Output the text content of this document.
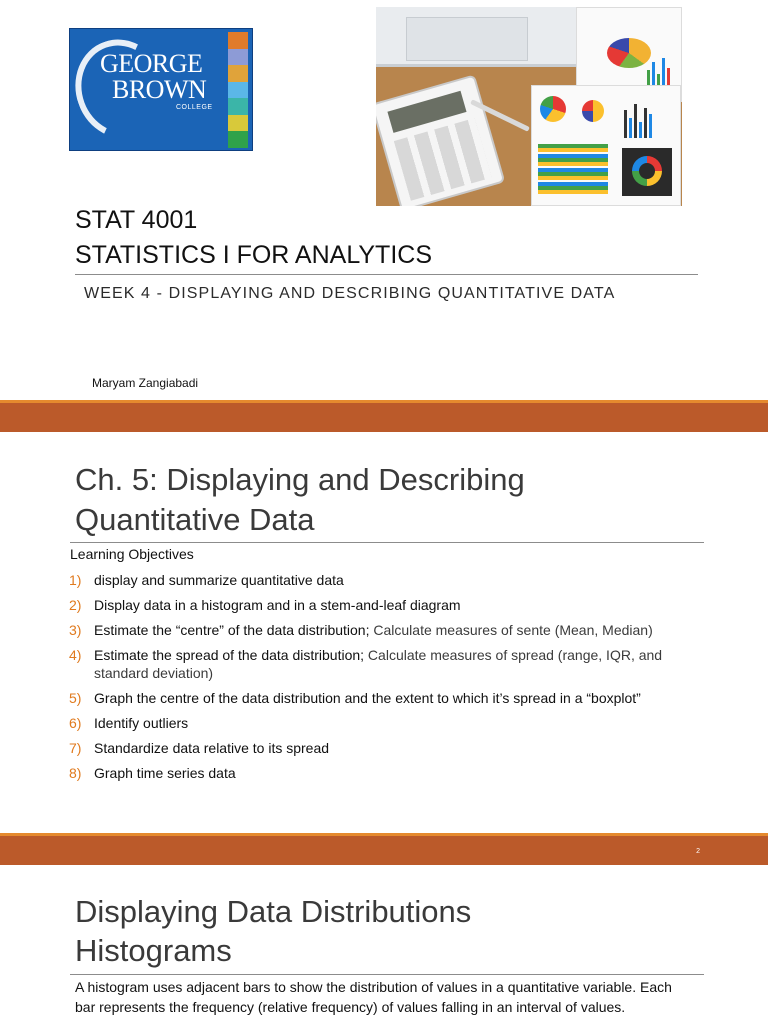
GEORGE
BROWN
COLLEGE
STAT 4001
STATISTICS I FOR ANALYTICS
WEEK 4 - DISPLAYING AND DESCRIBING QUANTITATIVE DATA
Maryam Zangiabadi
Ch. 5: Displaying and Describing
Quantitative Data
Learning Objectives
1) display and summarize quantitative data
2) Display data in a histogram and in a stem-and-leaf diagram
3) Estimate the “centre” of the data distribution; Calculate measures of sente (Mean, Median)
4) Estimate the spread of the data distribution; Calculate measures of spread (range, IQR, and standard deviation)
5) Graph the centre of the data distribution and the extent to which it’s spread in a “boxplot”
6) Identify outliers
7) Standardize data relative to its spread
8) Graph time series data
2
Displaying Data Distributions
Histograms
A histogram uses adjacent bars to show the distribution of values in a quantitative variable. Each bar represents the frequency (relative frequency) of values falling in an interval of values.
